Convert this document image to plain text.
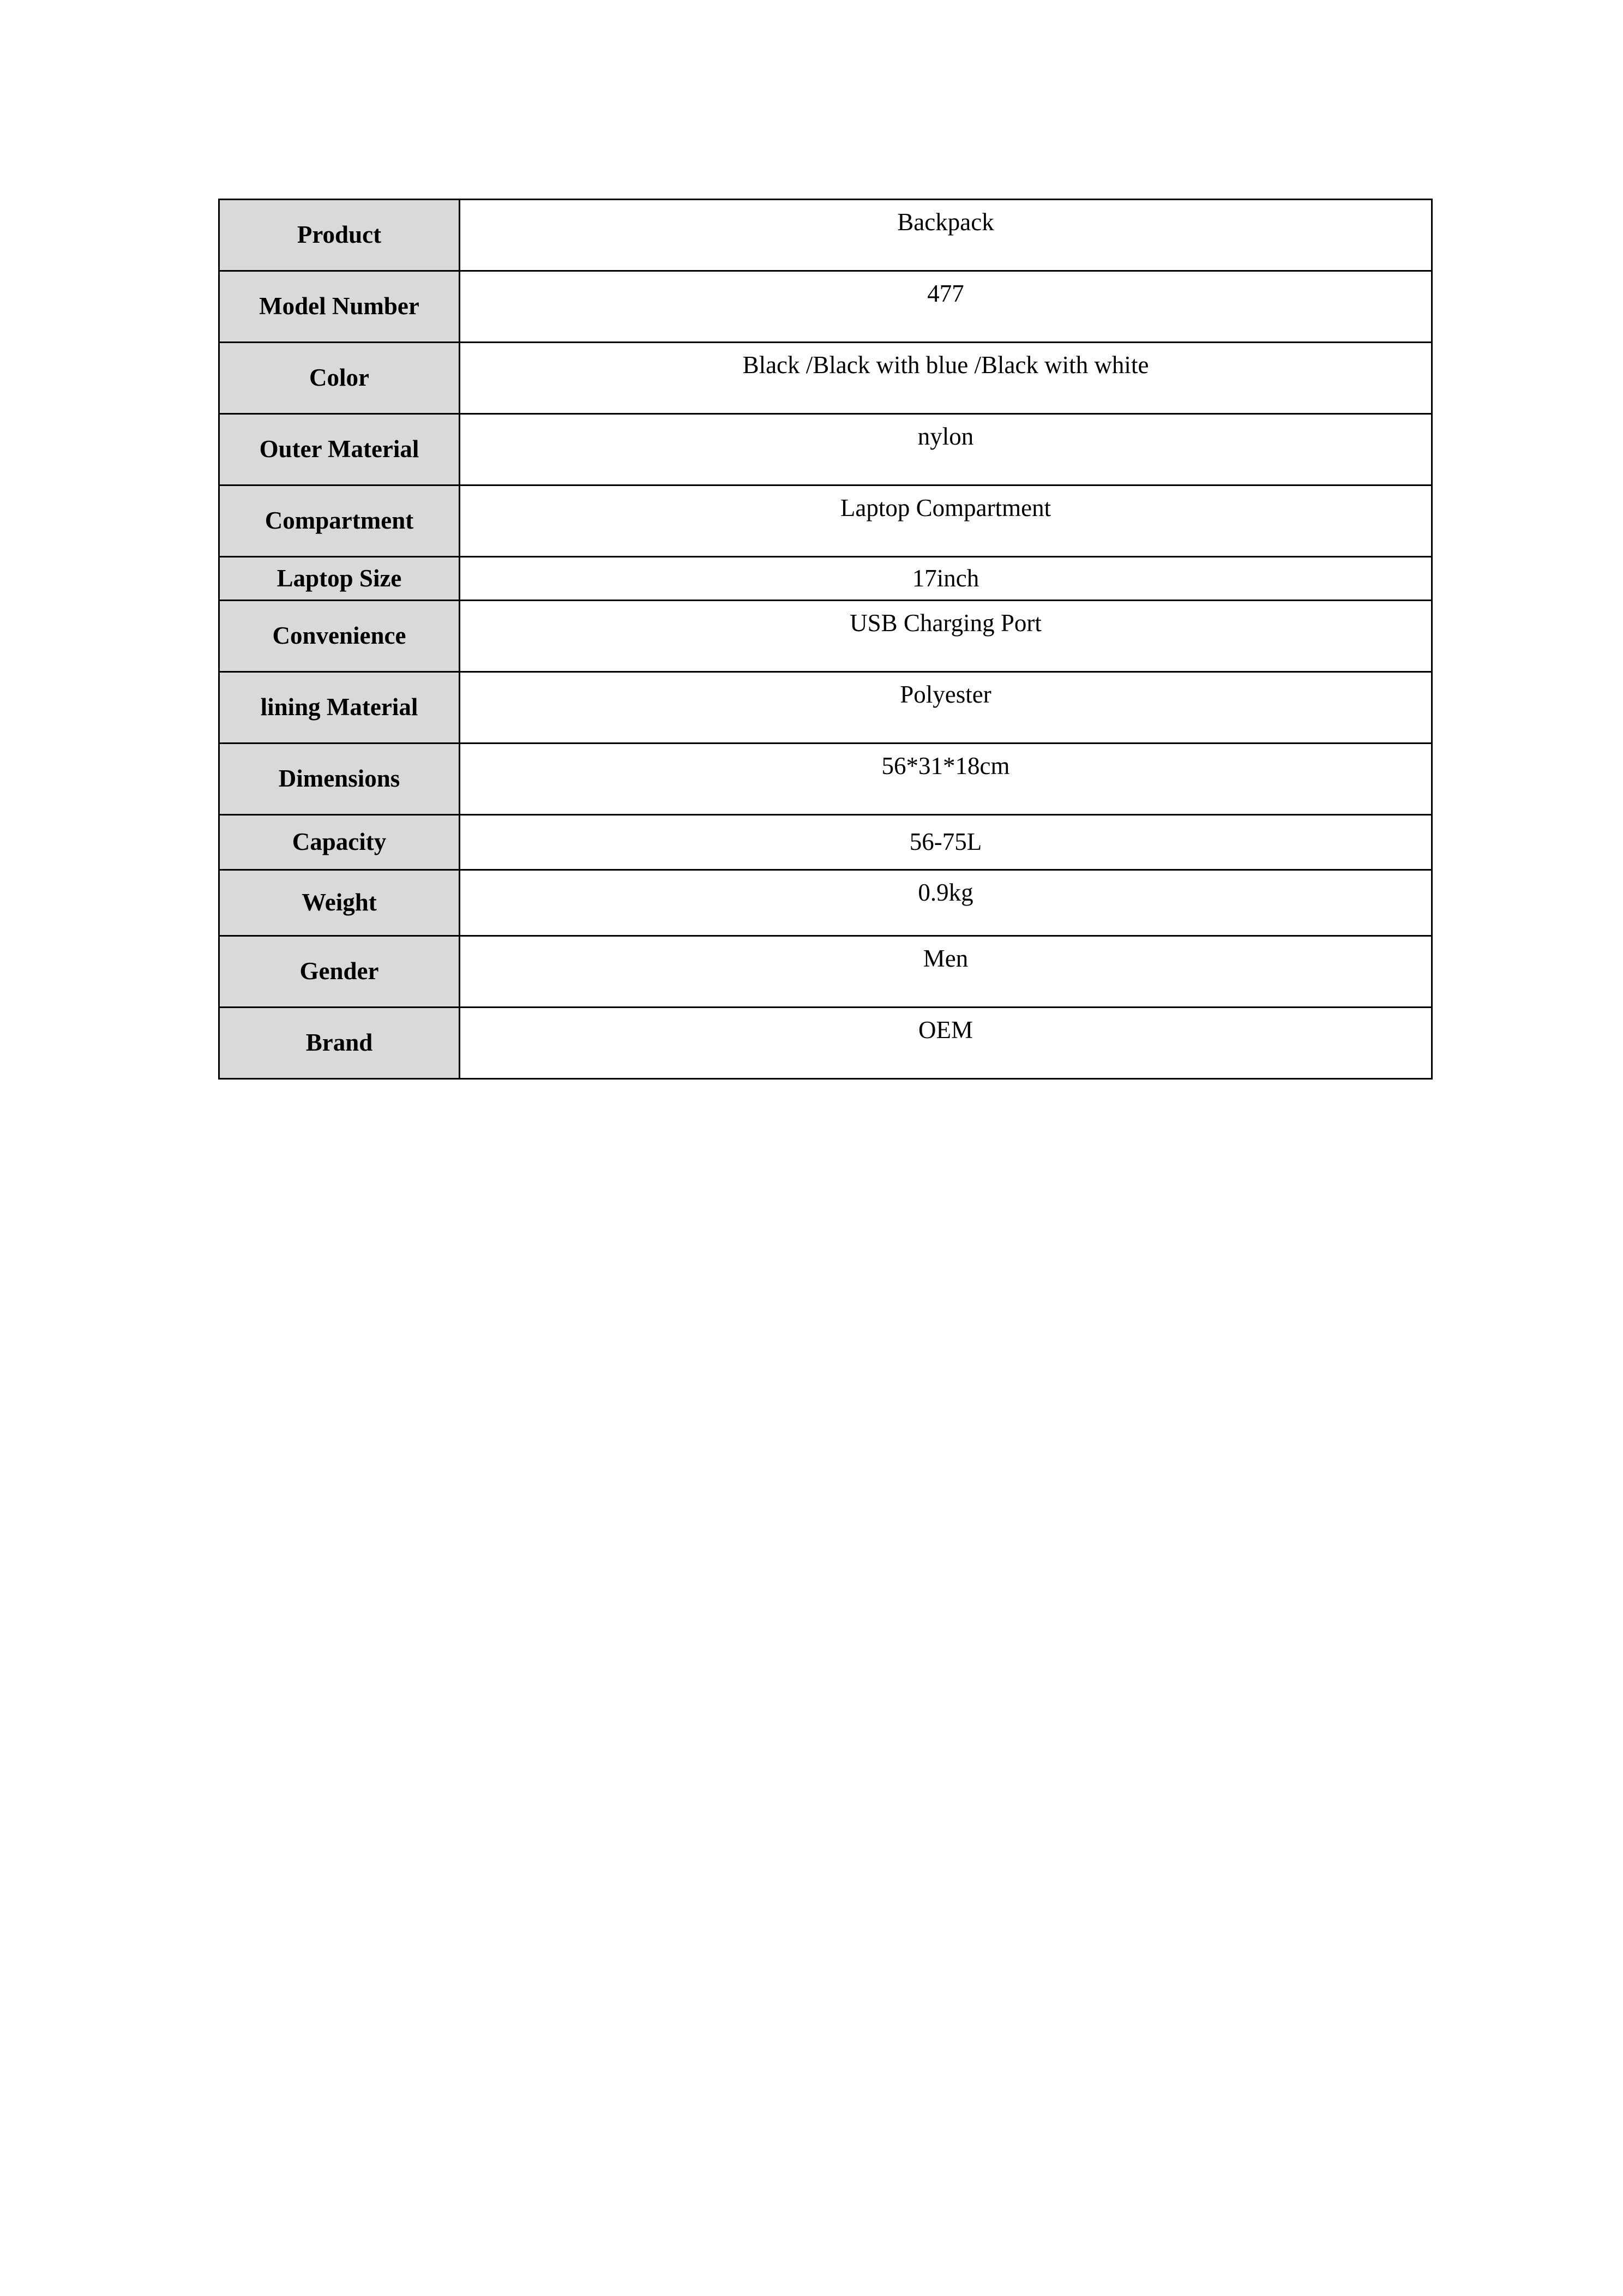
Product	Backpack
Model Number	477
Color	Black /Black with blue /Black with white
Outer Material	nylon
Compartment	Laptop Compartment
Laptop Size	17inch
Convenience	USB Charging Port
lining Material	Polyester
Dimensions	56*31*18cm
Capacity	56-75L
Weight	0.9kg
Gender	Men
Brand	OEM
